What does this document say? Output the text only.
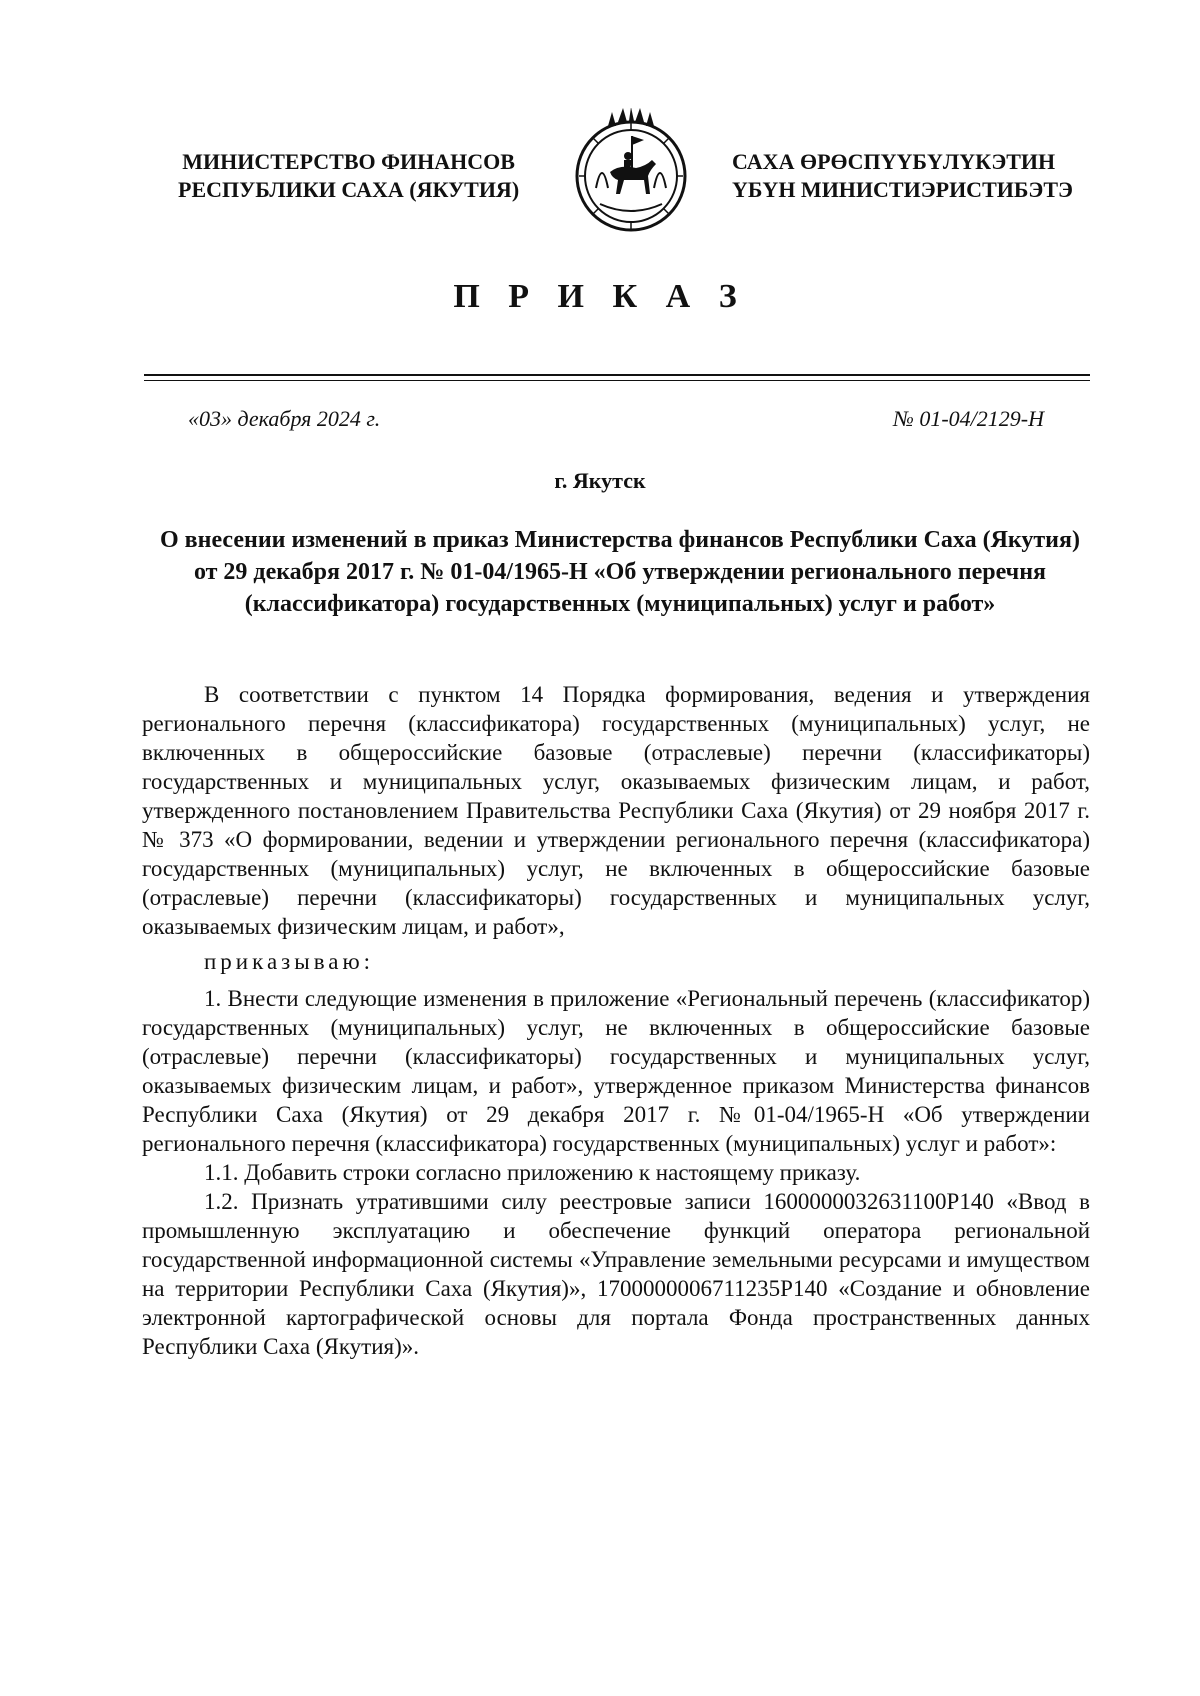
МИНИСТЕРСТВО ФИНАНСОВ
РЕСПУБЛИКИ САХА (ЯКУТИЯ)
САХА ӨРӨСПҮҮБҮЛҮКЭТИН
ҮБҮН МИНИСТИЭРИСТИБЭТЭ
П Р И К А З
«03» декабря 2024 г.	№ 01-04/2129-Н
г. Якутск
О внесении изменений в приказ Министерства финансов Республики Саха (Якутия) от 29 декабря 2017 г. № 01-04/1965-Н «Об утверждении регионального перечня (классификатора) государственных (муниципальных) услуг и работ»

В соответствии с пунктом 14 Порядка формирования, ведения и утверждения регионального перечня (классификатора) государственных (муниципальных) услуг, не включенных в общероссийские базовые (отраслевые) перечни (классификаторы) государственных и муниципальных услуг, оказываемых физическим лицам, и работ, утвержденного постановлением Правительства Республики Саха (Якутия) от 29 ноября 2017 г. № 373 «О формировании, ведении и утверждении регионального перечня (классификатора) государственных (муниципальных) услуг, не включенных в общероссийские базовые (отраслевые) перечни (классификаторы) государственных и муниципальных услуг, оказываемых физическим лицам, и работ»,

приказываю:

1. Внести следующие изменения в приложение «Региональный перечень (классификатор) государственных (муниципальных) услуг, не включенных в общероссийские базовые (отраслевые) перечни (классификаторы) государственных и муниципальных услуг, оказываемых физическим лицам, и работ», утвержденное приказом Министерства финансов Республики Саха (Якутия) от 29 декабря 2017 г. №01-04/1965-Н «Об утверждении регионального перечня (классификатора) государственных (муниципальных) услуг и работ»:

1.1. Добавить строки согласно приложению к настоящему приказу.

1.2. Признать утратившими силу реестровые записи 1600000032631100Р140 «Ввод в промышленную эксплуатацию и обеспечение функций оператора региональной государственной информационной системы «Управление земельными ресурсами и имуществом на территории Республики Саха (Якутия)», 1700000006711235Р140 «Создание и обновление электронной картографической основы для портала Фонда пространственных данных Республики Саха (Якутия)».
